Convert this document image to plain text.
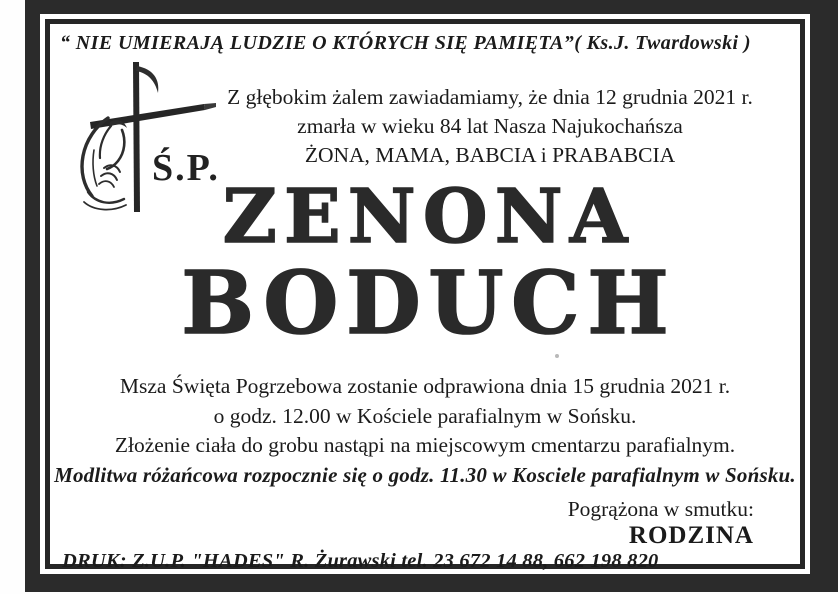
“ NIE UMIERAJĄ LUDZIE O KTÓRYCH SIĘ PAMIĘTA”( Ks.J. Twardowski )
Ś.P.
Z głębokim żalem zawiadamiamy, że dnia 12 grudnia 2021 r.
zmarła w wieku 84 lat Nasza Najukochańsza
ŻONA, MAMA, BABCIA i PRABABCIA
ZENONA
BODUCH
Msza Święta Pogrzebowa zostanie odprawiona dnia 15 grudnia 2021 r.
o godz. 12.00 w Kościele parafialnym w Sońsku.
Złożenie ciała do grobu nastąpi na miejscowym cmentarzu parafialnym.
Modlitwa różańcowa rozpocznie się o godz. 11.30 w Kosciele parafialnym w Sońsku.
Pogrążona w smutku:
RODZINA
DRUK: Z.U.P. "HADES" R. Żurawski tel. 23 672 14 88, 662 198 820
